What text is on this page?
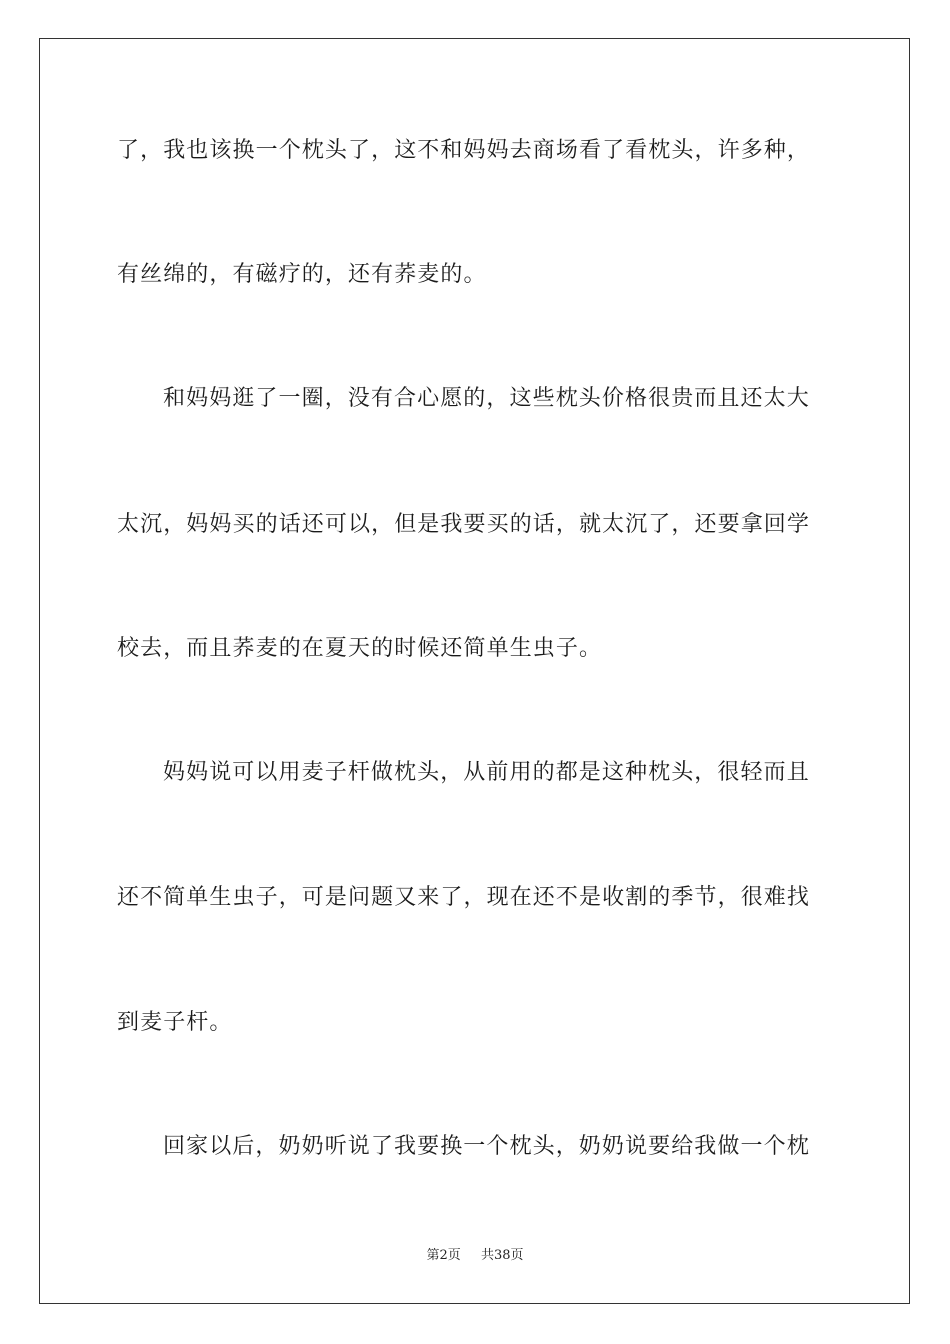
了，我也该换一个枕头了，这不和妈妈去商场看了看枕头，许多种，
有丝绵的，有磁疗的，还有荞麦的。
和妈妈逛了一圈，没有合心愿的，这些枕头价格很贵而且还太大
太沉，妈妈买的话还可以，但是我要买的话，就太沉了，还要拿回学
校去，而且荞麦的在夏天的时候还简单生虫子。
妈妈说可以用麦子杆做枕头，从前用的都是这种枕头，很轻而且
还不简单生虫子，可是问题又来了，现在还不是收割的季节，很难找
到麦子杆。
回家以后，奶奶听说了我要换一个枕头，奶奶说要给我做一个枕
第2页 共38页
